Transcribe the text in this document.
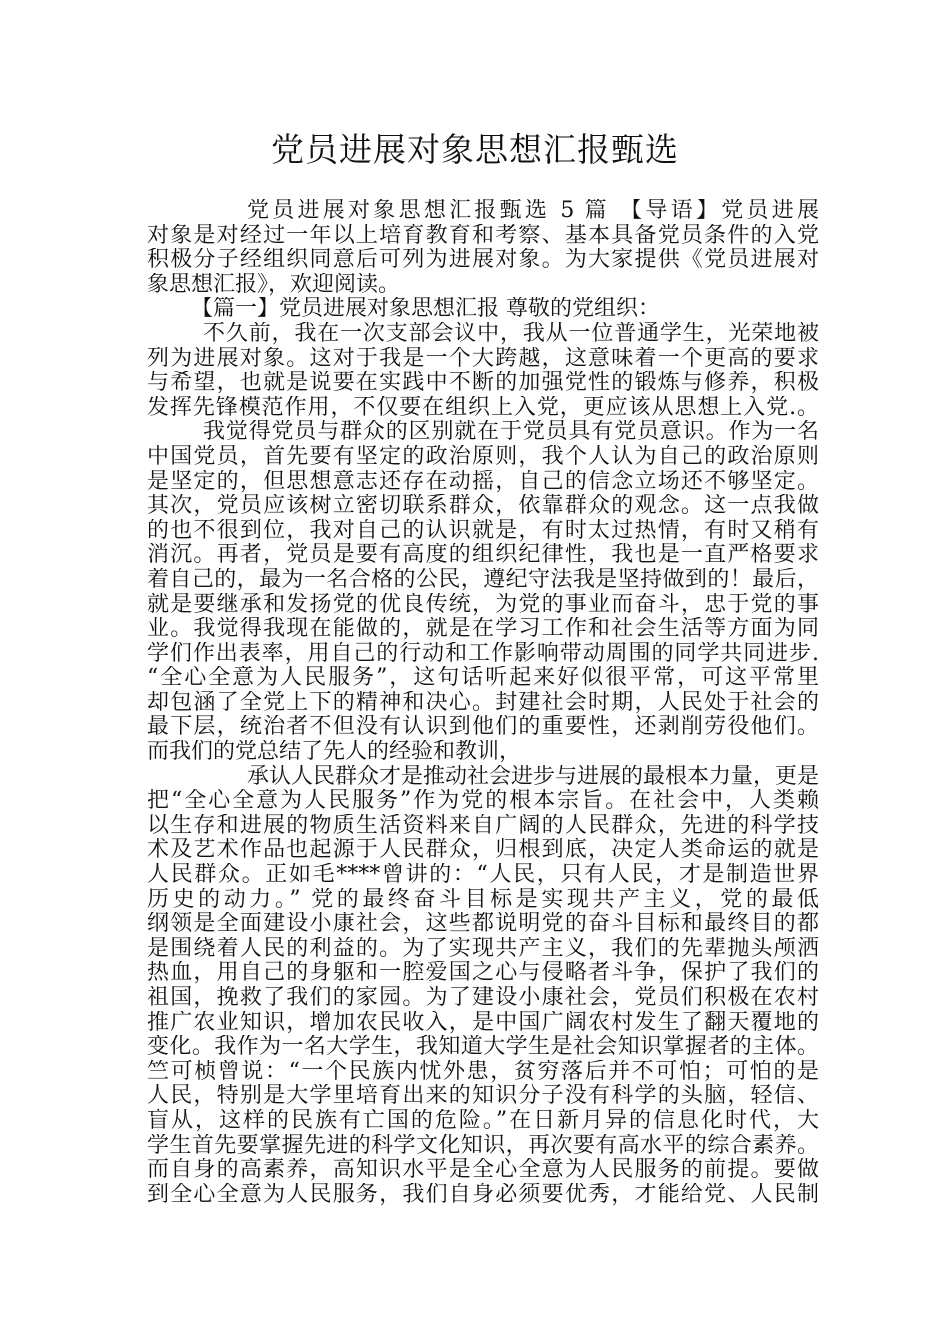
党员进展对象思想汇报甄选
党员进展对象思想汇报甄选 5 篇 【导语】党员进展
对象是对经过一年以上培育教育和考察、基本具备党员条件的入党
积极分子经组织同意后可列为进展对象。为大家提供《党员进展对
象思想汇报》，欢迎阅读。
【篇一】党员进展对象思想汇报 尊敬的党组织：
不久前，我在一次支部会议中，我从一位普通学生，光荣地被
列为进展对象。这对于我是一个大跨越，这意味着一个更高的要求
与希望，也就是说要在实践中不断的加强党性的锻炼与修养，积极
发挥先锋模范作用，不仅要在组织上入党，更应该从思想上入党.。
我觉得党员与群众的区别就在于党员具有党员意识。作为一名
中国党员，首先要有坚定的政治原则，我个人认为自己的政治原则
是坚定的，但思想意志还存在动摇，自己的信念立场还不够坚定。
其次，党员应该树立密切联系群众，依靠群众的观念。这一点我做
的也不很到位，我对自己的认识就是，有时太过热情，有时又稍有
消沉。再者，党员是要有高度的组织纪律性，我也是一直严格要求
着自己的，最为一名合格的公民，遵纪守法我是坚持做到的！最后，
就是要继承和发扬党的优良传统，为党的事业而奋斗，忠于党的事
业。我觉得我现在能做的，就是在学习工作和社会生活等方面为同
学们作出表率，用自己的行动和工作影响带动周围的同学共同进步.
“全心全意为人民服务”，这句话听起来好似很平常，可这平常里
却包涵了全党上下的精神和决心。封建社会时期，人民处于社会的
最下层，统治者不但没有认识到他们的重要性，还剥削劳役他们。
而我们的党总结了先人的经验和教训，
承认人民群众才是推动社会进步与进展的最根本力量，更是
把“全心全意为人民服务”作为党的根本宗旨。在社会中，人类赖
以生存和进展的物质生活资料来自广阔的人民群众，先进的科学技
术及艺术作品也起源于人民群众，归根到底，决定人类命运的就是
人民群众。正如毛****曾讲的：“人民，只有人民，才是制造世界
历史的动力。” 党的最终奋斗目标是实现共产主义，党的最低
纲领是全面建设小康社会，这些都说明党的奋斗目标和最终目的都
是围绕着人民的利益的。为了实现共产主义，我们的先辈抛头颅洒
热血，用自己的身躯和一腔爱国之心与侵略者斗争，保护了我们的
祖国，挽救了我们的家园。为了建设小康社会，党员们积极在农村
推广农业知识，增加农民收入，是中国广阔农村发生了翻天覆地的
变化。我作为一名大学生，我知道大学生是社会知识掌握者的主体。
竺可桢曾说：“一个民族内忧外患，贫穷落后并不可怕；可怕的是
人民，特别是大学里培育出来的知识分子没有科学的头脑，轻信、
盲从，这样的民族有亡国的危险。”在日新月异的信息化时代，大
学生首先要掌握先进的科学文化知识，再次要有高水平的综合素养。
而自身的高素养，高知识水平是全心全意为人民服务的前提。要做
到全心全意为人民服务，我们自身必须要优秀，才能给党、人民制
